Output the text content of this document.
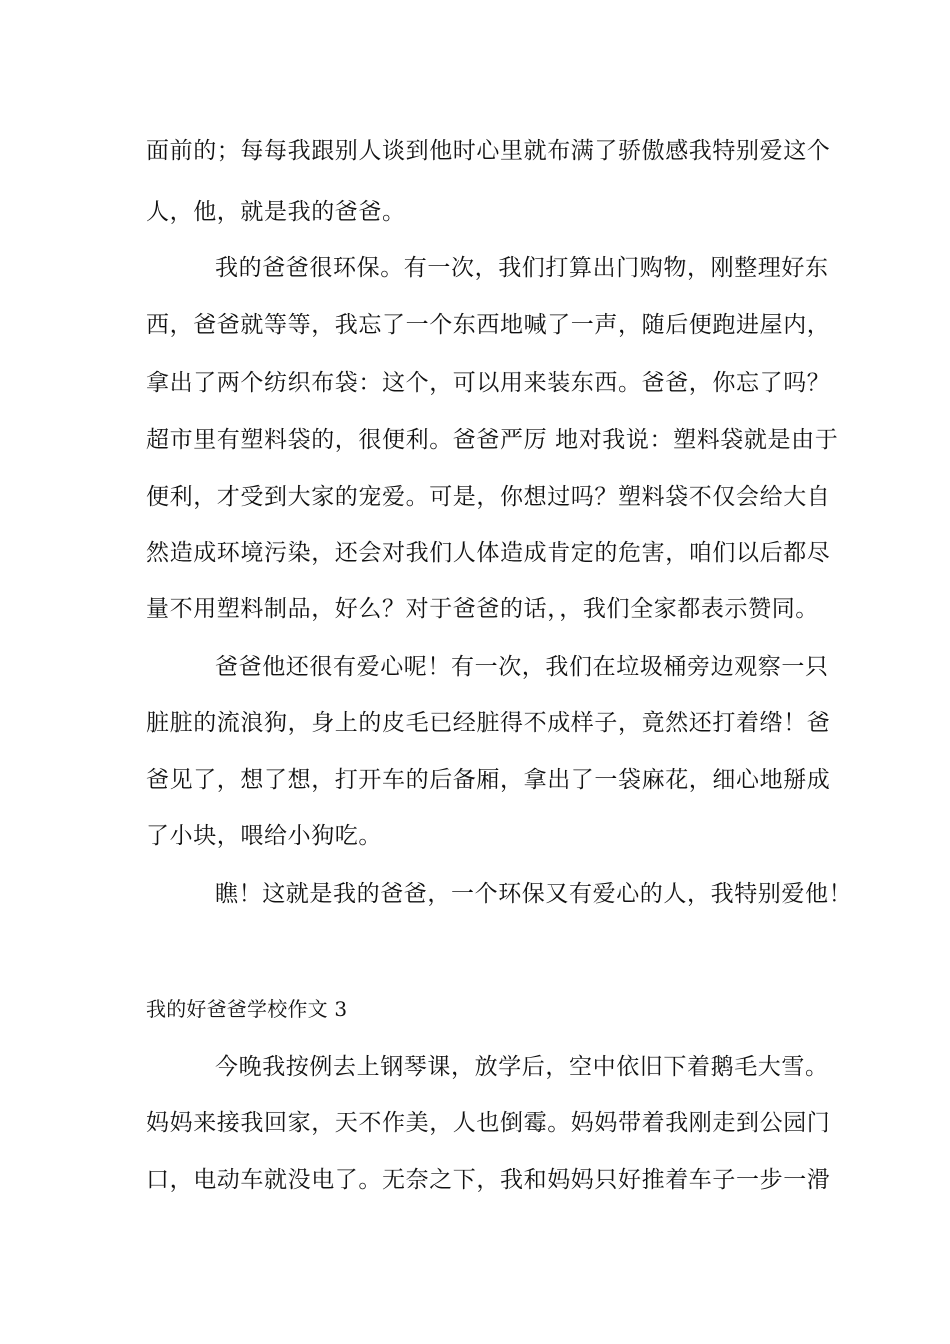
面前的；每每我跟别人谈到他时心里就布满了骄傲感我特别爱这个
人，他，就是我的爸爸。
我的爸爸很环保。有一次，我们打算出门购物，刚整理好东
西，爸爸就等等，我忘了一个东西地喊了一声，随后便跑进屋内，
拿出了两个纺织布袋：这个，可以用来装东西。爸爸，你忘了吗？
超市里有塑料袋的，很便利。爸爸严厉 地对我说：塑料袋就是由于
便利，才受到大家的宠爱。可是，你想过吗？塑料袋不仅会给大自
然造成环境污染，还会对我们人体造成肯定的危害，咱们以后都尽
量不用塑料制品，好么？对于爸爸的话，，我们全家都表示赞同。
爸爸他还很有爱心呢！有一次，我们在垃圾桶旁边观察一只
脏脏的流浪狗，身上的皮毛已经脏得不成样子，竟然还打着绺！爸
爸见了，想了想，打开车的后备厢，拿出了一袋麻花，细心地掰成
了小块，喂给小狗吃。
瞧！这就是我的爸爸，一个环保又有爱心的人，我特别爱他！
我的好爸爸学校作文 3
今晚我按例去上钢琴课，放学后，空中依旧下着鹅毛大雪。
妈妈来接我回家，天不作美，人也倒霉。妈妈带着我刚走到公园门
口，电动车就没电了。无奈之下，我和妈妈只好推着车子一步一滑
